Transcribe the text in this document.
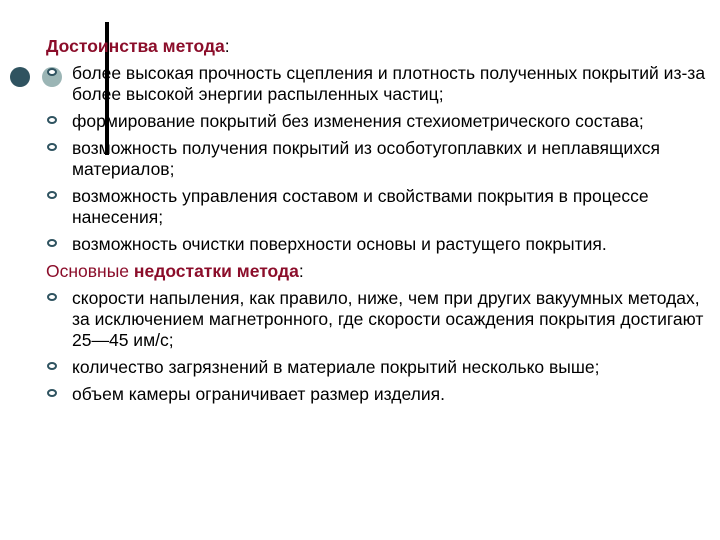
Достоинства метода:
более высокая прочность сцепления и плотность полученных покрытий из-за более высокой энергии распыленных частиц;
формирование покрытий без изменения стехиометрического состава;
возможность получения покрытий из особотугоплавких и неплавящихся материалов;
возможность управления составом и свойствами покрытия в процессе нанесения;
возможность очистки поверхности основы и растущего покрытия.
Основные недостатки метода:
скорости напыления, как правило, ниже, чем при других вакуумных методах, за исключением магнетронного, где скорости осаждения покрытия достигают 25—45 им/с;
количество загрязнений в материале покрытий несколько выше;
объем камеры ограничивает размер изделия.
